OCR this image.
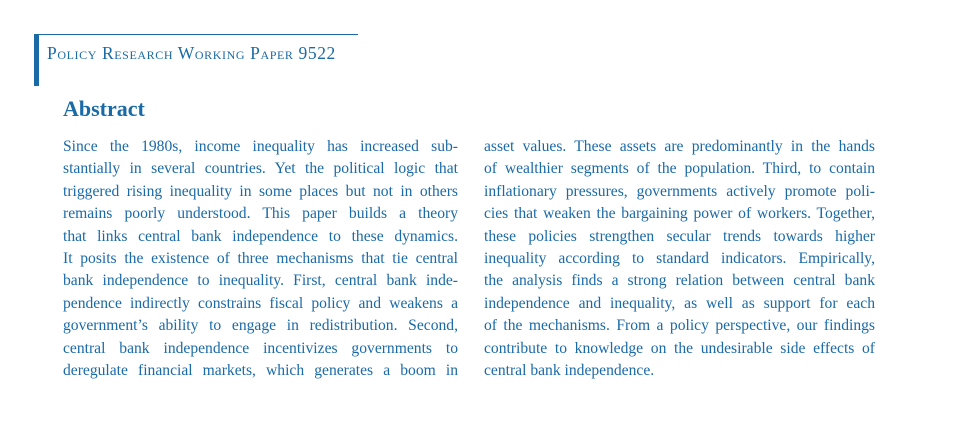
Policy Research Working Paper 9522
Abstract
Since the 1980s, income inequality has increased sub-
stantially in several countries. Yet the political logic that
triggered rising inequality in some places but not in others
remains poorly understood. This paper builds a theory
that links central bank independence to these dynamics.
It posits the existence of three mechanisms that tie central
bank independence to inequality. First, central bank inde-
pendence indirectly constrains fiscal policy and weakens a
government’s ability to engage in redistribution. Second,
central bank independence incentivizes governments to
deregulate financial markets, which generates a boom in
asset values. These assets are predominantly in the hands
of wealthier segments of the population. Third, to contain
inflationary pressures, governments actively promote poli-
cies that weaken the bargaining power of workers. Together,
these policies strengthen secular trends towards higher
inequality according to standard indicators. Empirically,
the analysis finds a strong relation between central bank
independence and inequality, as well as support for each
of the mechanisms. From a policy perspective, our findings
contribute to knowledge on the undesirable side effects of
central bank independence.
